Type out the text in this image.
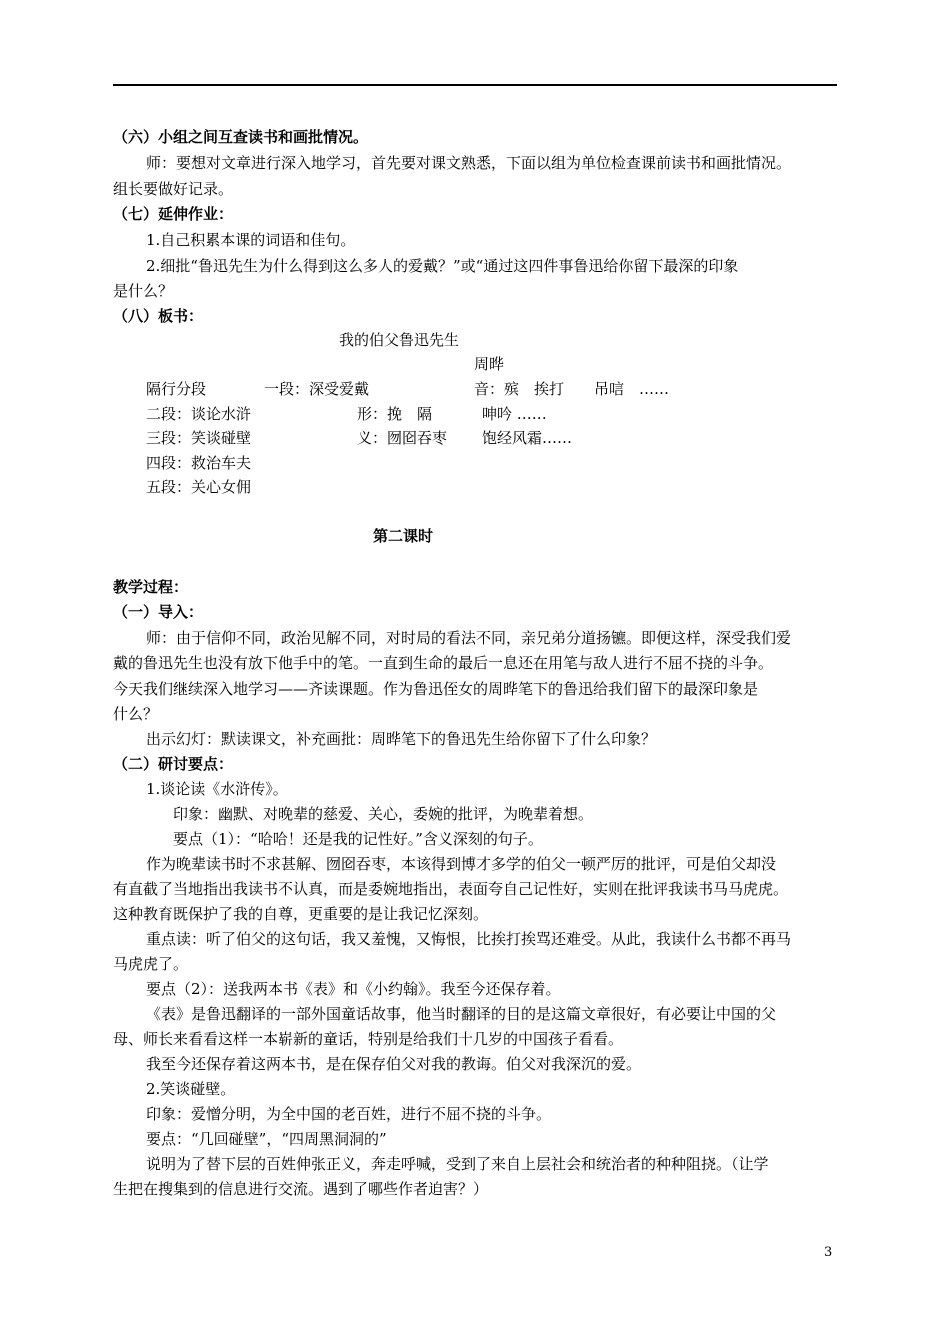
（六）小组之间互查读书和画批情况。
师：要想对文章进行深入地学习，首先要对课文熟悉，下面以组为单位检查课前读书和画批情况。
组长要做好记录。
（七）延伸作业：
1.自己积累本课的词语和佳句。
2.细批“鲁迅先生为什么得到这么多人的爱戴？”或“通过这四件事鲁迅给你留下最深的印象
是什么？
（八）板书：
我的伯父鲁迅先生
周晔
隔行分段	一段：深受爱戴	音：殡　挨打　　吊唁　……
二段：谈论水浒	形：挽　隔	呻吟 ……
三段：笑谈碰壁	义：囫囵吞枣 饱经风霜……
四段：救治车夫
五段：关心女佣
第二课时
教学过程：
（一）导入：
师：由于信仰不同，政治见解不同，对时局的看法不同，亲兄弟分道扬镳。即便这样，深受我们爱
戴的鲁迅先生也没有放下他手中的笔。一直到生命的最后一息还在用笔与敌人进行不屈不挠的斗争。
今天我们继续深入地学习——齐读课题。作为鲁迅侄女的周晔笔下的鲁迅给我们留下的最深印象是
什么？
出示幻灯：默读课文，补充画批：周晔笔下的鲁迅先生给你留下了什么印象？
（二）研讨要点：
1.谈论读《水浒传》。
印象：幽默、对晚辈的慈爱、关心，委婉的批评，为晚辈着想。
要点（1）：“哈哈！还是我的记性好。”含义深刻的句子。
作为晚辈读书时不求甚解、囫囵吞枣，本该得到博才多学的伯父一顿严厉的批评，可是伯父却没
有直截了当地指出我读书不认真，而是委婉地指出，表面夸自己记性好，实则在批评我读书马马虎虎。
这种教育既保护了我的自尊，更重要的是让我记忆深刻。
重点读：听了伯父的这句话，我又羞愧，又悔恨，比挨打挨骂还难受。从此，我读什么书都不再马
马虎虎了。
要点（2）：送我两本书《表》和《小约翰》。我至今还保存着。
《表》是鲁迅翻译的一部外国童话故事，他当时翻译的目的是这篇文章很好，有必要让中国的父
母、师长来看看这样一本崭新的童话，特别是给我们十几岁的中国孩子看看。
我至今还保存着这两本书，是在保存伯父对我的教诲。伯父对我深沉的爱。
2.笑谈碰壁。
印象：爱憎分明，为全中国的老百姓，进行不屈不挠的斗争。
要点：“几回碰壁”，“四周黑洞洞的”
说明为了替下层的百姓伸张正义，奔走呼喊，受到了来自上层社会和统治者的种种阻挠。（让学
生把在搜集到的信息进行交流。遇到了哪些作者迫害？）
3
